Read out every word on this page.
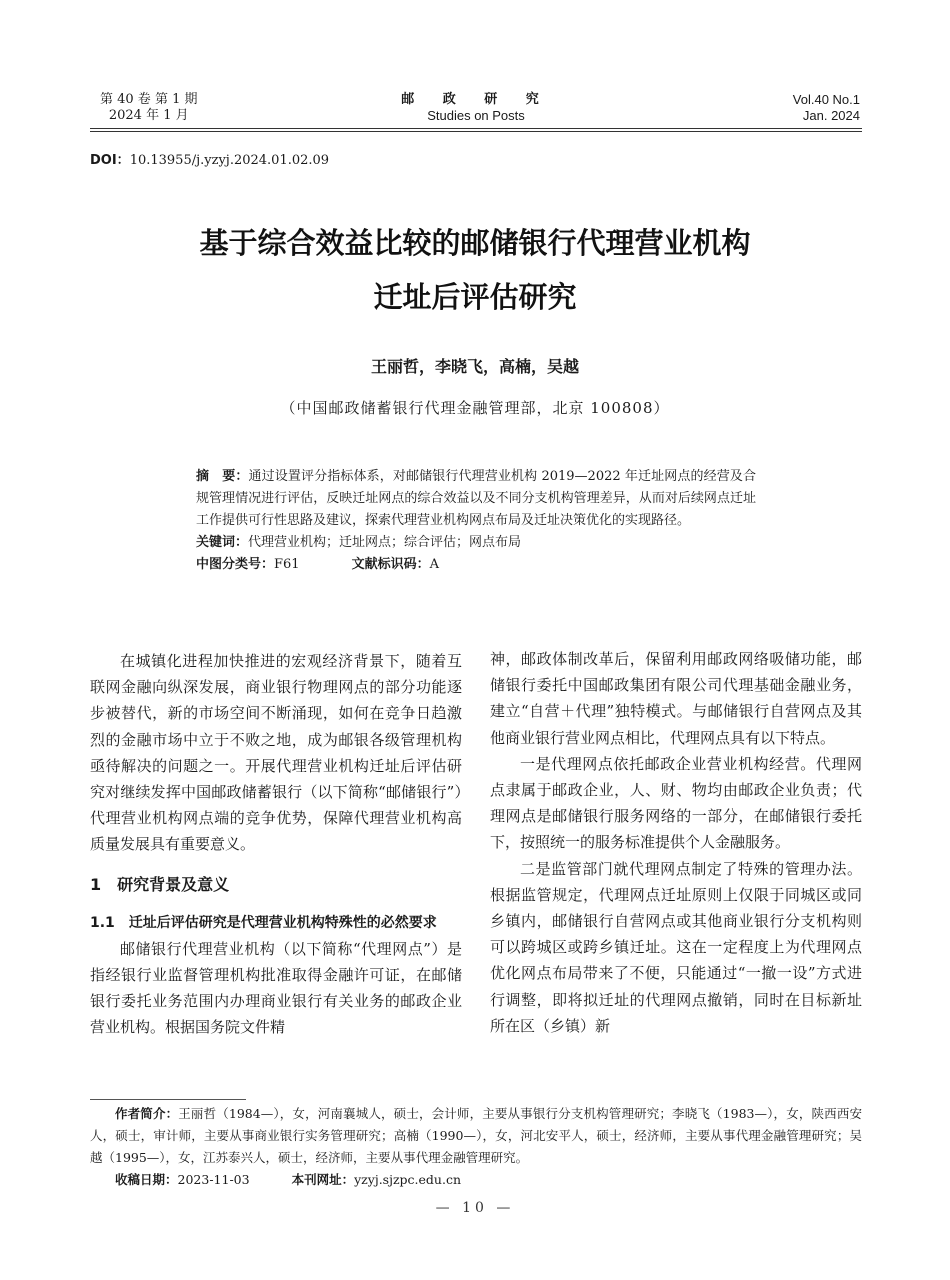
第 40 卷 第 1 期
2024 年 1 月
邮 政 研 究
Studies on Posts
Vol.40 No.1
Jan. 2024
DOI：10.13955/j.yzyj.2024.01.02.09
基于综合效益比较的邮储银行代理营业机构
迁址后评估研究
王丽哲，李晓飞，高楠，吴越
（中国邮政储蓄银行代理金融管理部，北京 100808）

摘　要：通过设置评分指标体系，对邮储银行代理营业机构 2019—2022 年迁址网点的经营及合规管理情况进行评估，反映迁址网点的综合效益以及不同分支机构管理差异，从而对后续网点迁址工作提供可行性思路及建议，探索代理营业机构网点布局及迁址决策优化的实现路径。

关键词：代理营业机构；迁址网点；综合评估；网点布局

中图分类号：F61	文献标识码：A

在城镇化进程加快推进的宏观经济背景下，随着互联网金融向纵深发展，商业银行物理网点的部分功能逐步被替代，新的市场空间不断涌现，如何在竞争日趋激烈的金融市场中立于不败之地，成为邮银各级管理机构亟待解决的问题之一。开展代理营业机构迁址后评估研究对继续发挥中国邮政储蓄银行（以下简称“邮储银行”）代理营业机构网点端的竞争优势，保障代理营业机构高质量发展具有重要意义。

1　研究背景及意义

1.1　迁址后评估研究是代理营业机构特殊性的必然要求

邮储银行代理营业机构（以下简称“代理网点”）是指经银行业监督管理机构批准取得金融许可证，在邮储银行委托业务范围内办理商业银行有关业务的邮政企业营业机构。根据国务院文件精

神，邮政体制改革后，保留利用邮政网络吸储功能，邮储银行委托中国邮政集团有限公司代理基础金融业务，建立“自营＋代理”独特模式。与邮储银行自营网点及其他商业银行营业网点相比，代理网点具有以下特点。

一是代理网点依托邮政企业营业机构经营。代理网点隶属于邮政企业，人、财、物均由邮政企业负责；代理网点是邮储银行服务网络的一部分，在邮储银行委托下，按照统一的服务标准提供个人金融服务。

二是监管部门就代理网点制定了特殊的管理办法。根据监管规定，代理网点迁址原则上仅限于同城区或同乡镇内，邮储银行自营网点或其他商业银行分支机构则可以跨城区或跨乡镇迁址。这在一定程度上为代理网点优化网点布局带来了不便，只能通过“一撤一设”方式进行调整，即将拟迁址的代理网点撤销，同时在目标新址所在区（乡镇）新

作者简介：王丽哲（1984—），女，河南襄城人，硕士，会计师，主要从事银行分支机构管理研究；李晓飞（1983—），女，陕西西安人，硕士，审计师，主要从事商业银行实务管理研究；高楠（1990—），女，河北安平人，硕士，经济师，主要从事代理金融管理研究；吴越（1995—），女，江苏泰兴人，硕士，经济师，主要从事代理金融管理研究。

收稿日期：2023-11-03	本刊网址：yzyj.sjzpc.edu.cn

— 10 —
